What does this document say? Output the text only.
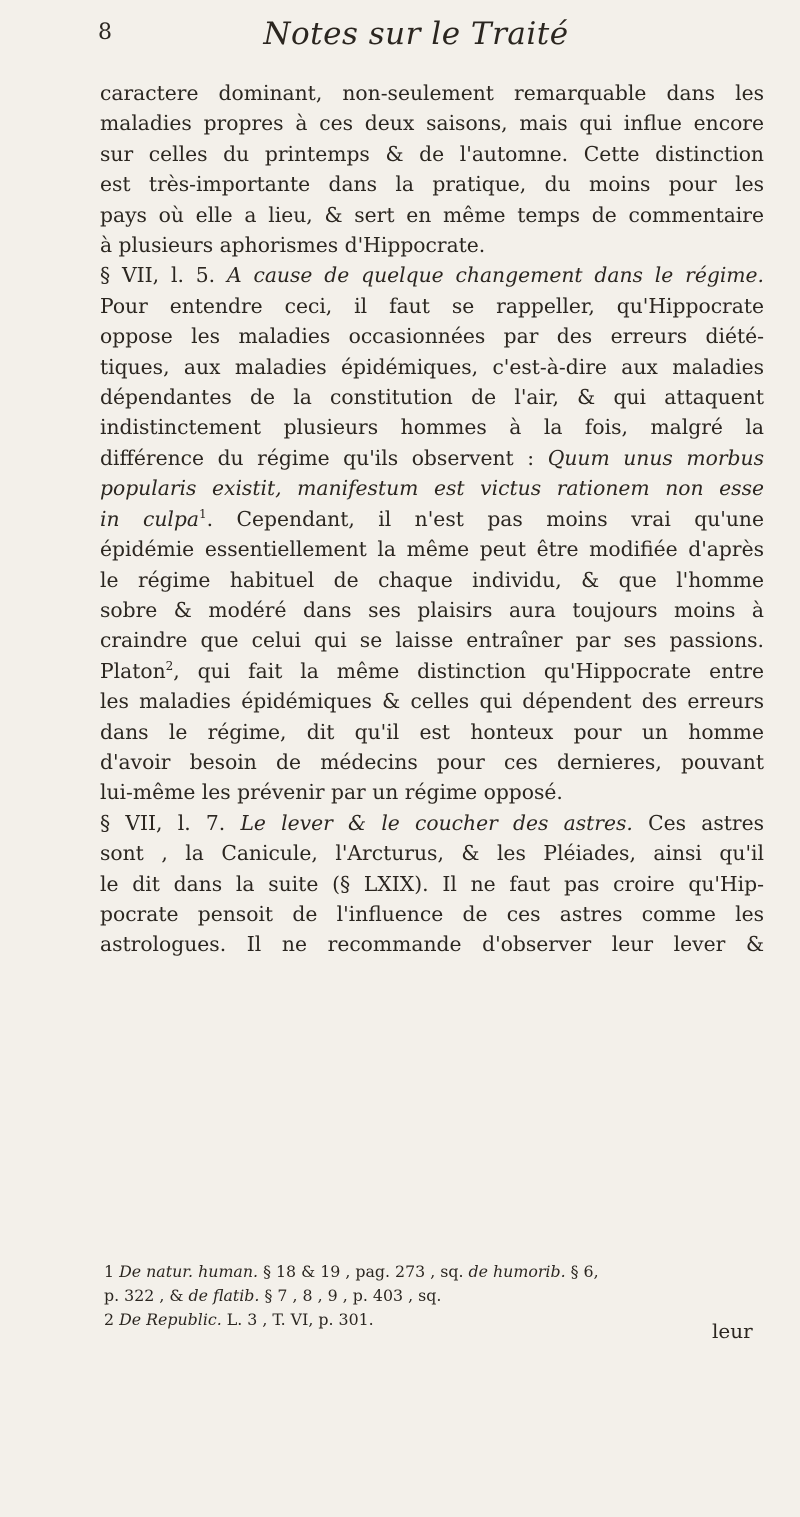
8	Notes sur le Traité
caractere dominant, non-seulement remarquable dans les
maladies propres à ces deux saisons, mais qui influe encore
sur celles du printemps & de l'automne. Cette distinction
est très-importante dans la pratique, du moins pour les
pays où elle a lieu, & sert en même temps de commentaire
à plusieurs aphorismes d'Hippocrate.
§ VII, l. 5. A cause de quelque changement dans le régime.
Pour entendre ceci, il faut se rappeller, qu'Hippocrate
oppose les maladies occasionnées par des erreurs diété-
tiques, aux maladies épidémiques, c'est-à-dire aux maladies
dépendantes de la constitution de l'air, & qui attaquent
indistinctement plusieurs hommes à la fois, malgré la
différence du régime qu'ils observent : Quum unus morbus
popularis existit, manifestum est victus rationem non esse
in culpa$^1$. Cependant, il n'est pas moins vrai qu'une
épidémie essentiellement la même peut être modifiée d'après
le régime habituel de chaque individu, & que l'homme
sobre & modéré dans ses plaisirs aura toujours moins à
craindre que celui qui se laisse entraîner par ses passions.
Platon$^2$, qui fait la même distinction qu'Hippocrate entre
les maladies épidémiques & celles qui dépendent des erreurs
dans le régime, dit qu'il est honteux pour un homme
d'avoir besoin de médecins pour ces dernieres, pouvant
lui-même les prévenir par un régime opposé.
§ VII, l. 7. Le lever & le coucher des astres. Ces astres
sont , la Canicule, l'Arcturus, & les Pléiades, ainsi qu'il
le dit dans la suite (§ LXIX). Il ne faut pas croire qu'Hip-
pocrate pensoit de l'influence de ces astres comme les
astrologues. Il ne recommande d'observer leur lever &
1 De natur. human. § 18 & 19 , pag. 273 , sq. de humorib. § 6,
p. 322 , & de flatib. § 7 , 8 , 9 , p. 403 , sq.
2 De Republic. L. 3 , T. VI, p. 301.	leur
